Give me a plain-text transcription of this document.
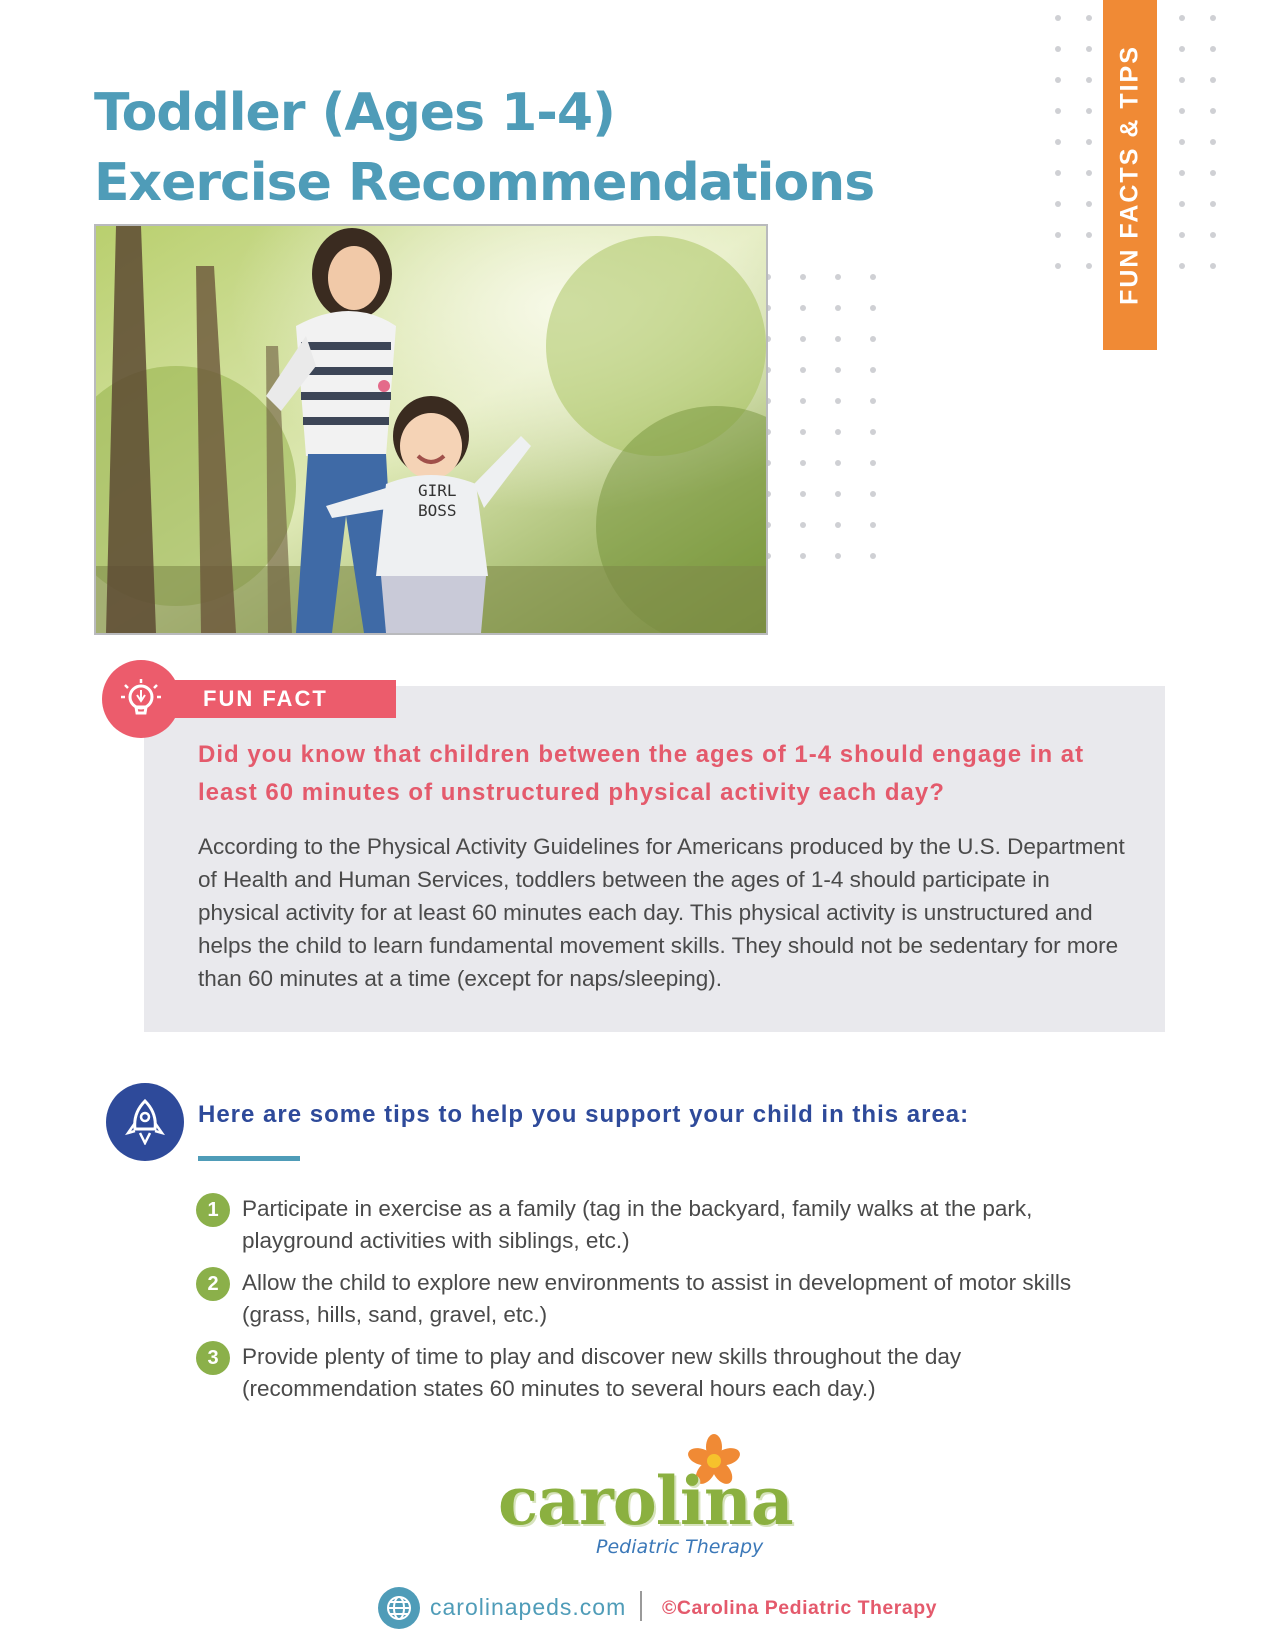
Toddler (Ages 1-4)
Exercise Recommendations	FUN FACTS & TIPS
GIRL
BOSS
FUN FACT

Did you know that children between the ages of 1-4 should engage in at least 60 minutes of unstructured physical activity each day?

According to the Physical Activity Guidelines for Americans produced by the U.S. Department of Health and Human Services, toddlers between the ages of 1-4 should participate in physical activity for at least 60 minutes each day. This physical activity is unstructured and helps the child to learn fundamental movement skills. They should not be sedentary for more than 60 minutes at a time (except for naps/sleeping).

Here are some tips to help you support your child in this area:
1	Participate in exercise as a family (tag in the backyard, family walks at the park, playground activities with siblings, etc.)

2	Allow the child to explore new environments to assist in development of motor skills (grass, hills, sand, gravel, etc.)

3	Provide plenty of time to play and discover new skills throughout the day (recommendation states 60 minutes to several hours each day.)

carolina
Pediatric Therapy
carolinapeds.com ©Carolina Pediatric Therapy
